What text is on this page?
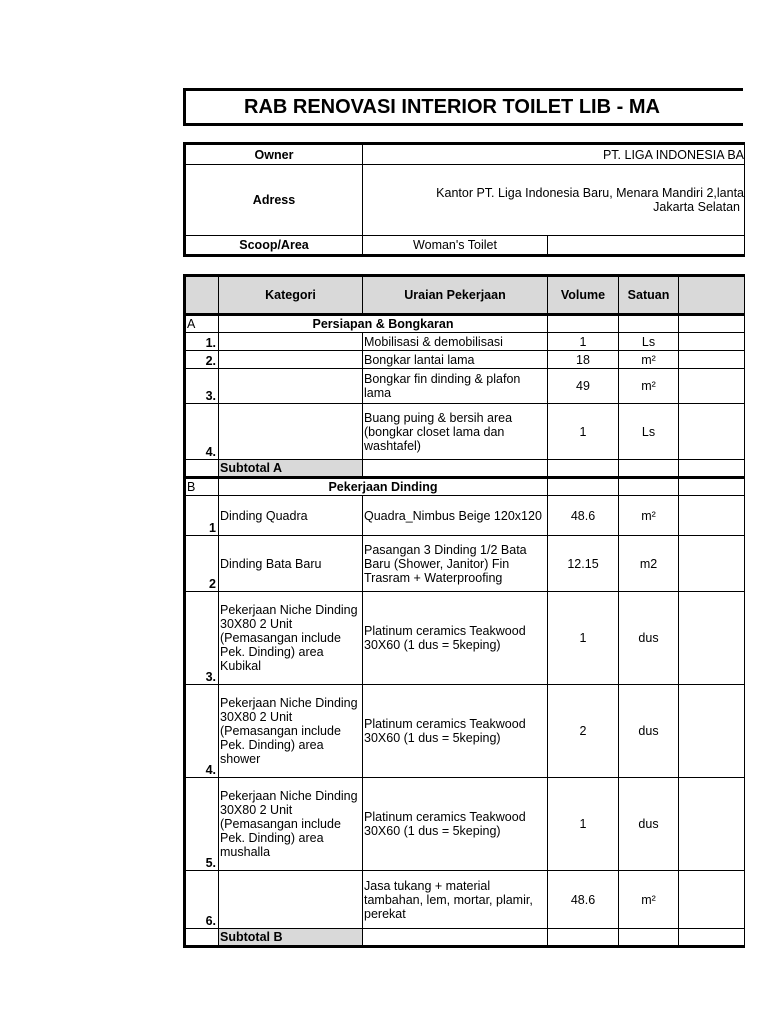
RAB RENOVASI INTERIOR TOILET LIB - MA
Owner	PT. LIGA INDONESIA BA	
Adress	Kantor PT. Liga Indonesia Baru, Menara Mandiri 2,lanta
Jakarta Selatan	

Scoop/Area	Woman's Toilet	
	Kategori	Uraian Pekerjaan	Volume	Satuan	
A	Persiapan & Bongkaran				
1.		Mobilisasi & demobilisasi	1	Ls	
2.		Bongkar lantai lama	18	m²	
3.		Bongkar fin dinding & plafon lama	49	m²	
4.		Buang puing & bersih area (bongkar closet lama dan washtafel)	1	Ls	
	Subtotal A				
B	Pekerjaan Dinding				
1	Dinding Quadra	Quadra_Nimbus Beige 120x120	48.6	m²	
2	Dinding Bata Baru	Pasangan 3 Dinding 1/2 Bata Baru (Shower, Janitor) Fin Trasram + Waterproofing	12.15	m2	
3.	Pekerjaan Niche Dinding 30X80 2 Unit (Pemasangan include Pek. Dinding) area Kubikal	Platinum ceramics Teakwood 30X60 (1 dus = 5keping)	1	dus	
4.	Pekerjaan Niche Dinding 30X80 2 Unit (Pemasangan include Pek. Dinding) area shower	Platinum ceramics Teakwood 30X60 (1 dus = 5keping)	2	dus	
5.	Pekerjaan Niche Dinding 30X80 2 Unit (Pemasangan include Pek. Dinding) area mushalla	Platinum ceramics Teakwood 30X60 (1 dus = 5keping)	1	dus	
6.		Jasa tukang + material tambahan, lem, mortar, plamir, perekat	48.6	m²	
	Subtotal B				
